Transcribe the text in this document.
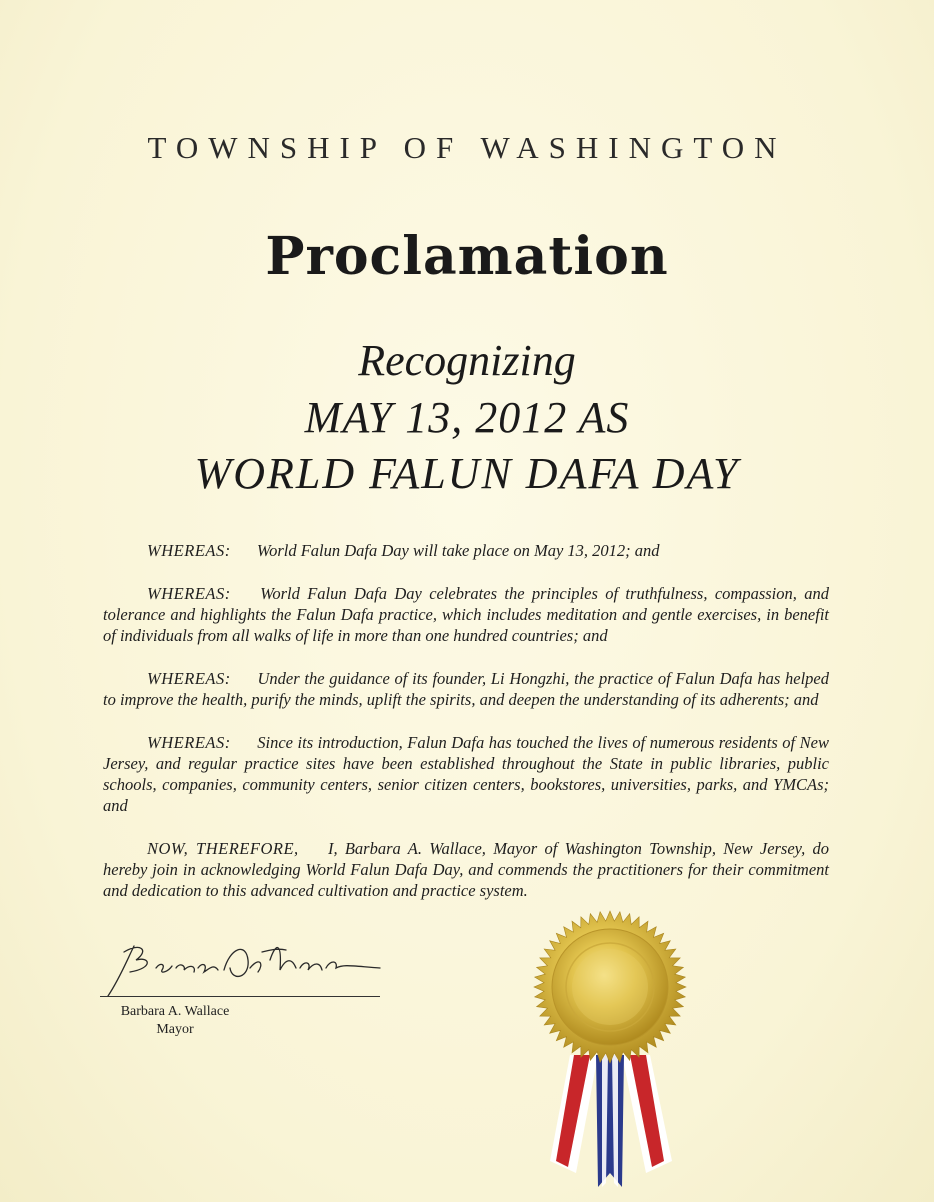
TOWNSHIP OF WASHINGTON
Proclamation
Recognizing
MAY 13, 2012 AS
WORLD FALUN DAFA DAY

WHEREAS: World Falun Dafa Day will take place on May 13, 2012; and

WHEREAS: World Falun Dafa Day celebrates the principles of truthfulness, compassion, and tolerance and highlights the Falun Dafa practice, which includes meditation and gentle exercises, in benefit of individuals from all walks of life in more than one hundred countries; and

WHEREAS: Under the guidance of its founder, Li Hongzhi, the practice of Falun Dafa has helped to improve the health, purify the minds, uplift the spirits, and deepen the understanding of its adherents; and

WHEREAS: Since its introduction, Falun Dafa has touched the lives of numerous residents of New Jersey, and regular practice sites have been established throughout the State in public libraries, public schools, companies, community centers, senior citizen centers, bookstores, universities, parks, and YMCAs; and

NOW, THEREFORE, I, Barbara A. Wallace, Mayor of Washington Township, New Jersey, do hereby join in acknowledging World Falun Dafa Day, and commends the practitioners for their commitment and dedication to this advanced cultivation and practice system.

Barbara A. Wallace
Mayor
